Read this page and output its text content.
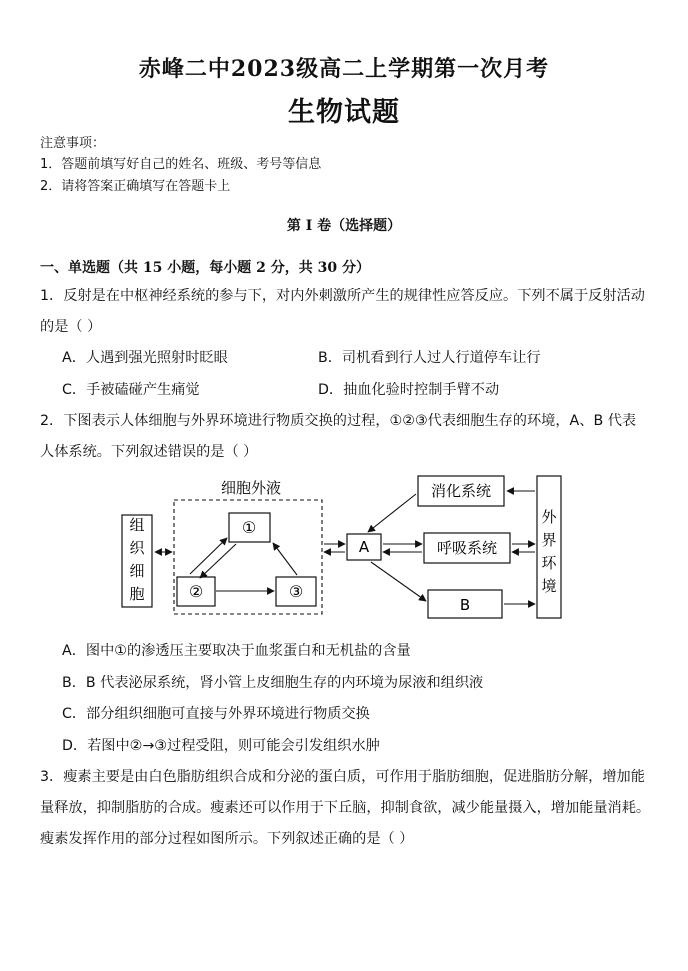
赤峰二中2023级高二上学期第一次月考
生物试题
注意事项：
1．答题前填写好自己的姓名、班级、考号等信息
2．请将答案正确填写在答题卡上
第 I 卷（选择题）
一、单选题（共 15 小题，每小题 2 分，共 30 分）
1．反射是在中枢神经系统的参与下，对内外刺激所产生的规律性应答反应。下列不属于反射活动
的是（ ）
A．人遇到强光照射时眨眼	B．司机看到行人过人行道停车让行
C．手被磕碰产生痛觉	D．抽血化验时控制手臂不动
2．下图表示人体细胞与外界环境进行物质交换的过程，①②③代表细胞生存的环境，A、B 代表
人体系统。下列叙述错误的是（ ）
组
织
细
胞
细胞外液
①
②	③
A
消化系统
呼吸系统
B
外
界
环
境
A．图中①的渗透压主要取决于血浆蛋白和无机盐的含量
B．B 代表泌尿系统，肾小管上皮细胞生存的内环境为尿液和组织液
C．部分组织细胞可直接与外界环境进行物质交换
D．若图中②→③过程受阻，则可能会引发组织水肿
3．瘦素主要是由白色脂肪组织合成和分泌的蛋白质，可作用于脂肪细胞，促进脂肪分解，增加能
量释放，抑制脂肪的合成。瘦素还可以作用于下丘脑，抑制食欲，减少能量摄入，增加能量消耗。
瘦素发挥作用的部分过程如图所示。下列叙述正确的是（ ）
